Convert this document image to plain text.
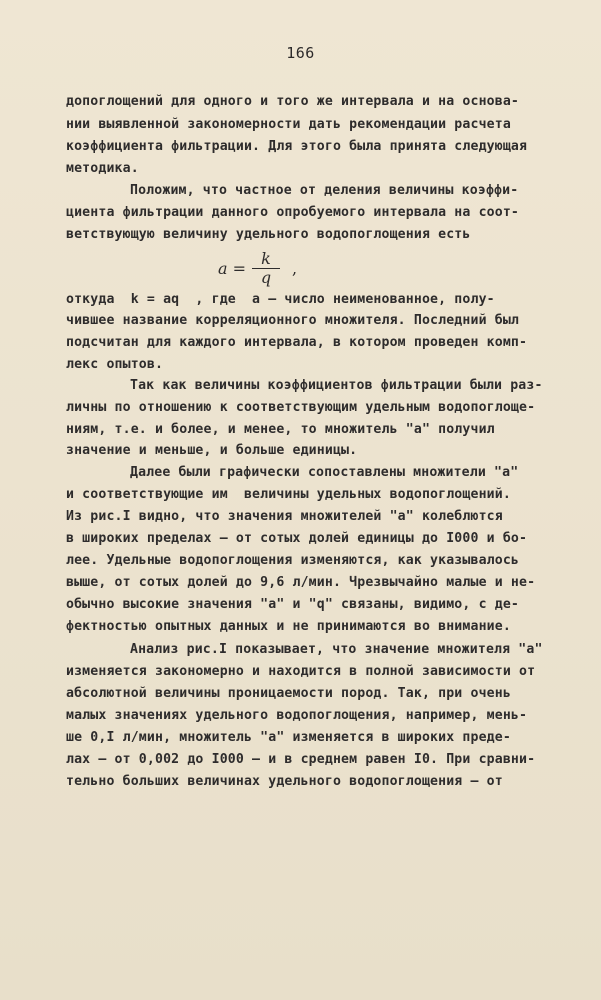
166
допоглощений для одного и того же интервала и на основа-
нии выявленной закономерности дать рекомендации расчета
коэффициента фильтрации. Для этого была принята следующая
методика.
Положим, что частное от деления величины коэффи-
циента фильтрации данного опробуемого интервала на соот-
ветствующую величину удельного водопоглощения есть
a =
k
q	,
откуда  k = aq  , где  a – число неименованное, полу-
чившее название корреляционного множителя. Последний был
подсчитан для каждого интервала, в котором проведен комп-
лекс опытов.
Так как величины коэффициентов фильтрации были раз-
личны по отношению к соответствующим удельным водопоглоще-
ниям, т.е. и более, и менее, то множитель "a" получил
значение и меньше, и больше единицы.
Далее были графически сопоставлены множители "a"
и соответствующие им  величины удельных водопоглощений.
Из рис.I видно, что значения множителей "a" колеблются
в широких пределах – от сотых долей единицы до I000 и бо-
лее. Удельные водопоглощения изменяются, как указывалось
выше, от сотых долей до 9,6 л/мин. Чрезвычайно малые и не-
обычно высокие значения "a" и "q" связаны, видимо, с де-
фектностью опытных данных и не принимаются во внимание.
Анализ рис.I показывает, что значение множителя "a"
изменяется закономерно и находится в полной зависимости от
абсолютной величины проницаемости пород. Так, при очень
малых значениях удельного водопоглощения, например, мень-
ше 0,I л/мин, множитель "a" изменяется в широких преде-
лах – от 0,002 до I000 – и в среднем равен I0. При сравни-
тельно больших величинах удельного водопоглощения – от
